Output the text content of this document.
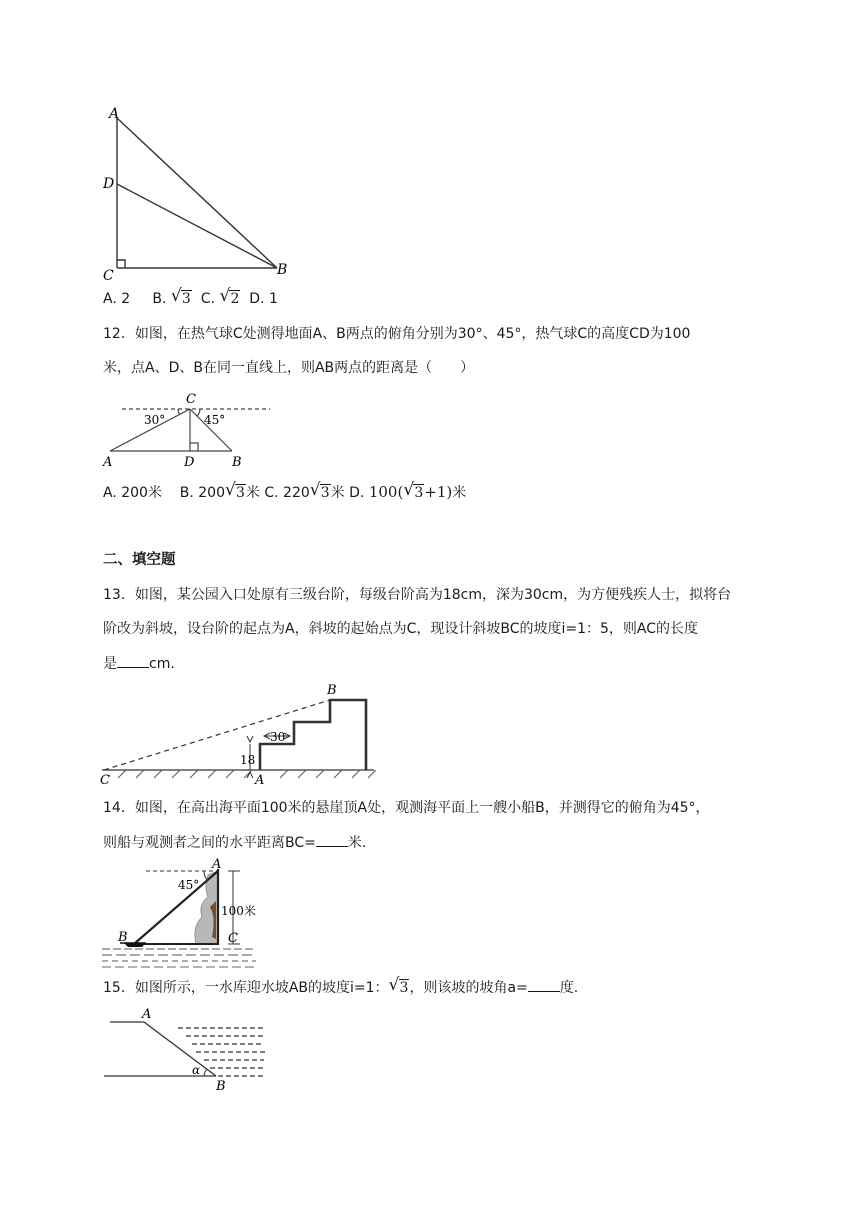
A
D
C	B
A. 2 B. √ 3 C. √ 2 D. 1
12．如图，在热气球C处测得地面A、B两点的俯角分别为30°、45°，热气球C的高度CD为100
米，点A、D、B在同一直线上，则AB两点的距离是（　　）
C
30°	45°
A	D	B
A. 200米 B. 200 √ 3米 C. 220 √ 3米 D. 100( √ 3+1)米
二、填空题
13．如图，某公园入口处原有三级台阶，每级台阶高为18cm，深为30cm，为方便残疾人士，拟将台
阶改为斜坡，设台阶的起点为A，斜坡的起始点为C，现设计斜坡BC的坡度i=1：5，则AC的长度
是 cm.
B
C	A
18
30
14．如图，在高出海平面100米的悬崖顶A处，观测海平面上一艘小船B，并测得它的俯角为45°，
则船与观测者之间的水平距离BC= 米.
A
45°
100米
B	C
15．如图所示，一水库迎水坡AB的坡度i=1： √ 3，则该坡的坡角a= 度.
A
α
B
